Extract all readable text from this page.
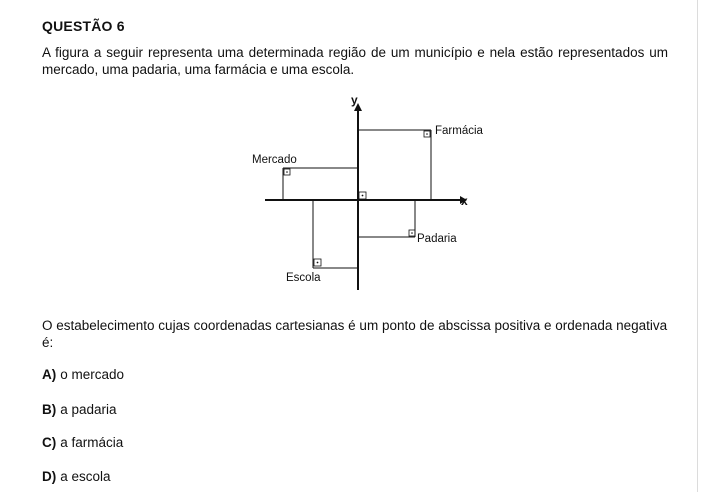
QUESTÃO 6
A figura a seguir representa uma determinada região de um município e nela estão representados um mercado, uma padaria, uma farmácia e uma escola.
y
x
Farmácia
Mercado
Padaria
Escola
O estabelecimento cujas coordenadas cartesianas é um ponto de abscissa positiva e ordenada negativa é:
A) o mercado
B) a padaria
C) a farmácia
D) a escola
